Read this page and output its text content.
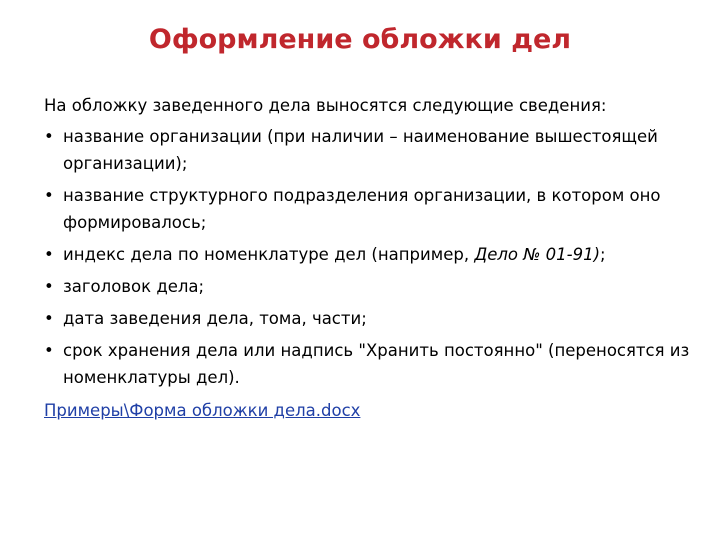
Оформление обложки дел

На обложку заведенного дела выносятся следующие сведения:

• название организации (при наличии – наименование вышестоящей организации);
• название структурного подразделения организации, в котором оно формировалось;
• индекс дела по номенклатуре дел (например, Дело № 01-91);
• заголовок дела;
• дата заведения дела, тома, части;
• срок хранения дела или надпись "Хранить постоянно" (переносятся из номенклатуры дел).
Примеры\Форма обложки дела.docx
